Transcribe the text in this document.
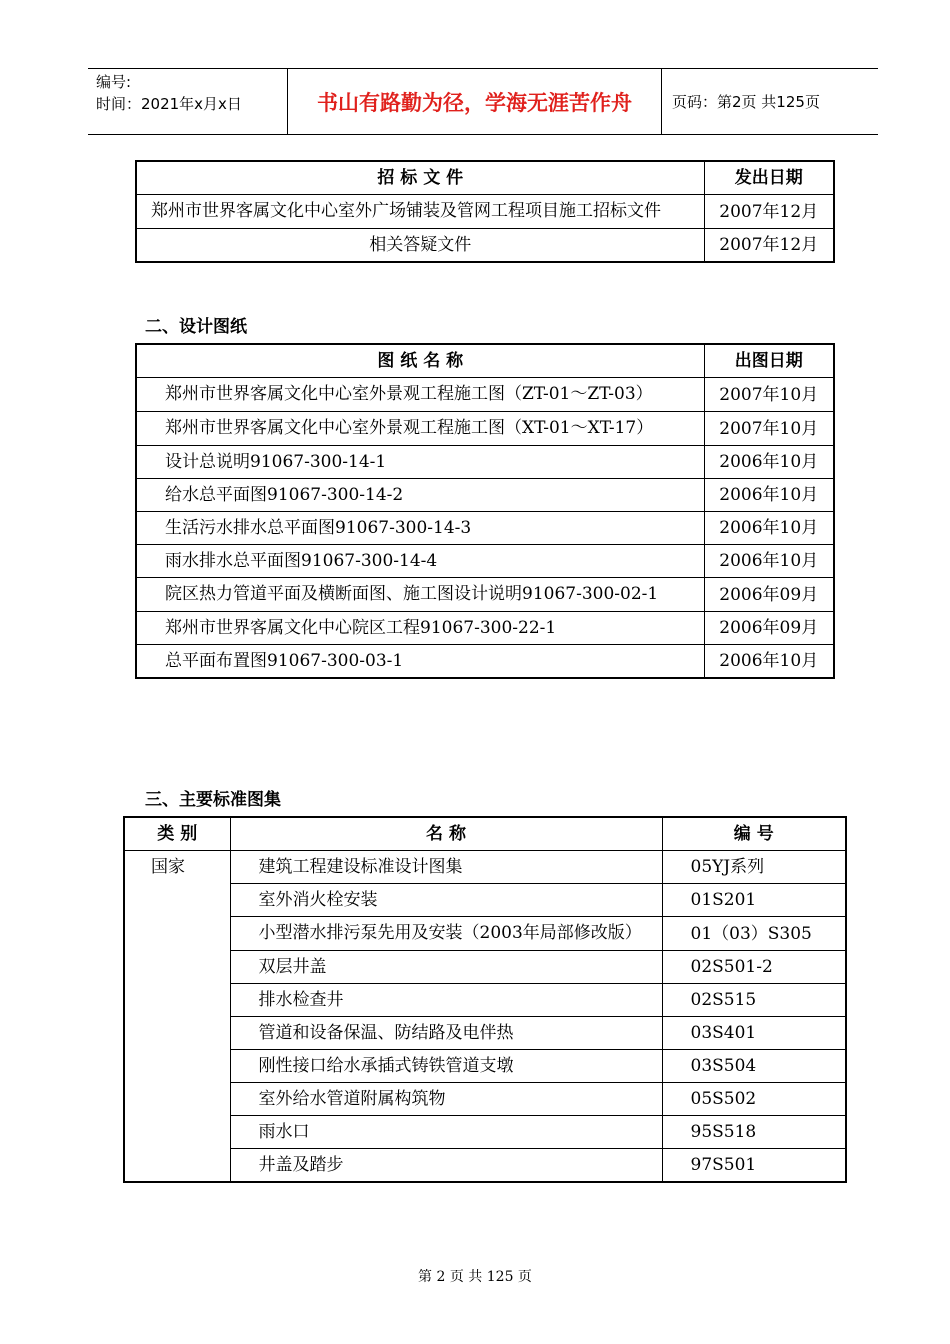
编号:
时间：2021年x月x日	书山有路勤为径，学海无涯苦作舟	页码：第2页 共125页
招 标 文 件	发出日期
郑州市世界客属文化中心室外广场铺装及管网工程项目施工招标文件	2007年12月
相关答疑文件	2007年12月
二、设计图纸
图 纸 名 称	出图日期
郑州市世界客属文化中心室外景观工程施工图（ZT-01～ZT-03）	2007年10月
郑州市世界客属文化中心室外景观工程施工图（XT-01～XT-17）	2007年10月
设计总说明91067-300-14-1	2006年10月
给水总平面图91067-300-14-2	2006年10月
生活污水排水总平面图91067-300-14-3	2006年10月
雨水排水总平面图91067-300-14-4	2006年10月
院区热力管道平面及横断面图、施工图设计说明91067-300-02-1	2006年09月
郑州市世界客属文化中心院区工程91067-300-22-1	2006年09月
总平面布置图91067-300-03-1	2006年10月
三、主要标准图集
类 别	名 称	编 号
国家	建筑工程建设标准设计图集	05YJ系列
	室外消火栓安装	01S201
	小型潜水排污泵先用及安装（2003年局部修改版）	01（03）S305
	双层井盖	02S501-2
	排水检查井	02S515
	管道和设备保温、防结路及电伴热	03S401
	刚性接口给水承插式铸铁管道支墩	03S504
	室外给水管道附属构筑物	05S502
	雨水口	95S518
	井盖及踏步	97S501
第 2 页 共 125 页
